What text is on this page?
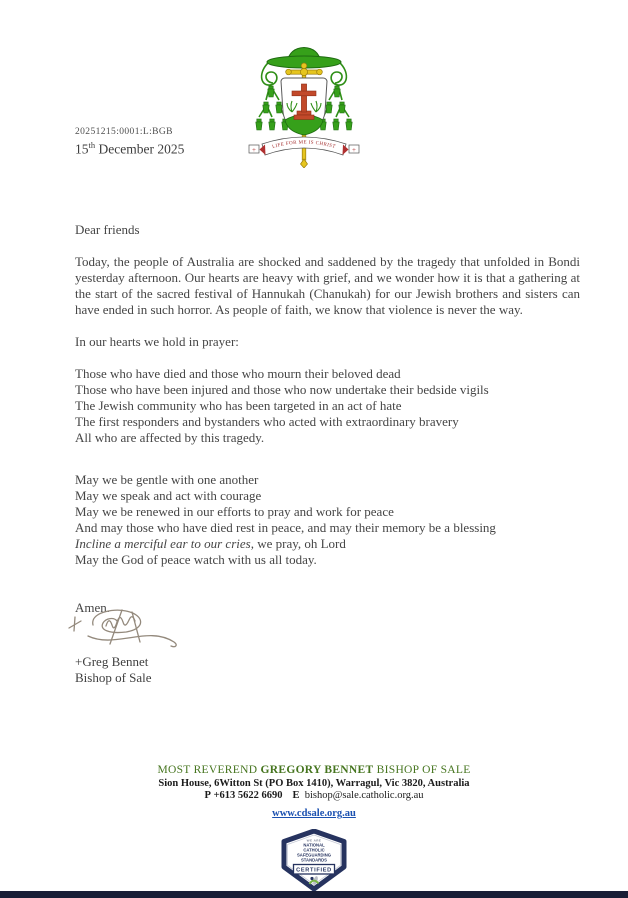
20251215:0001:L:BGB
15th December 2025	+	+
LIFE FOR ME IS CHRIST
Dear friends
Today, the people of Australia are shocked and saddened by the tragedy that unfolded in Bondi yesterday afternoon. Our hearts are heavy with grief, and we wonder how it is that a gathering at the start of the sacred festival of Hannukah (Chanukah) for our Jewish brothers and sisters can have ended in such horror. As people of faith, we know that violence is never the way.
In our hearts we hold in prayer:
Those who have died and those who mourn their beloved dead
Those who have been injured and those who now undertake their bedside vigils
The Jewish community who has been targeted in an act of hate
The first responders and bystanders who acted with extraordinary bravery
All who are affected by this tragedy.
May we be gentle with one another
May we speak and act with courage
May we be renewed in our efforts to pray and work for peace
And may those who have died rest in peace, and may their memory be a blessing
Incline a merciful ear to our cries, we pray, oh Lord
May the God of peace watch with us all today.
Amen.
+Greg Bennet
Bishop of Sale
MOST REVEREND GREGORY BENNET BISHOP OF SALE
Sion House, 6Witton St (PO Box 1410), Warragul, Vic 3820, Australia
P +613 5622 6690 E bishop@sale.catholic.org.au
www.cdsale.org.au
WE ARE
NATIONAL
CATHOLIC
SAFEGUARDING
STANDARDS
CERTIFIED
